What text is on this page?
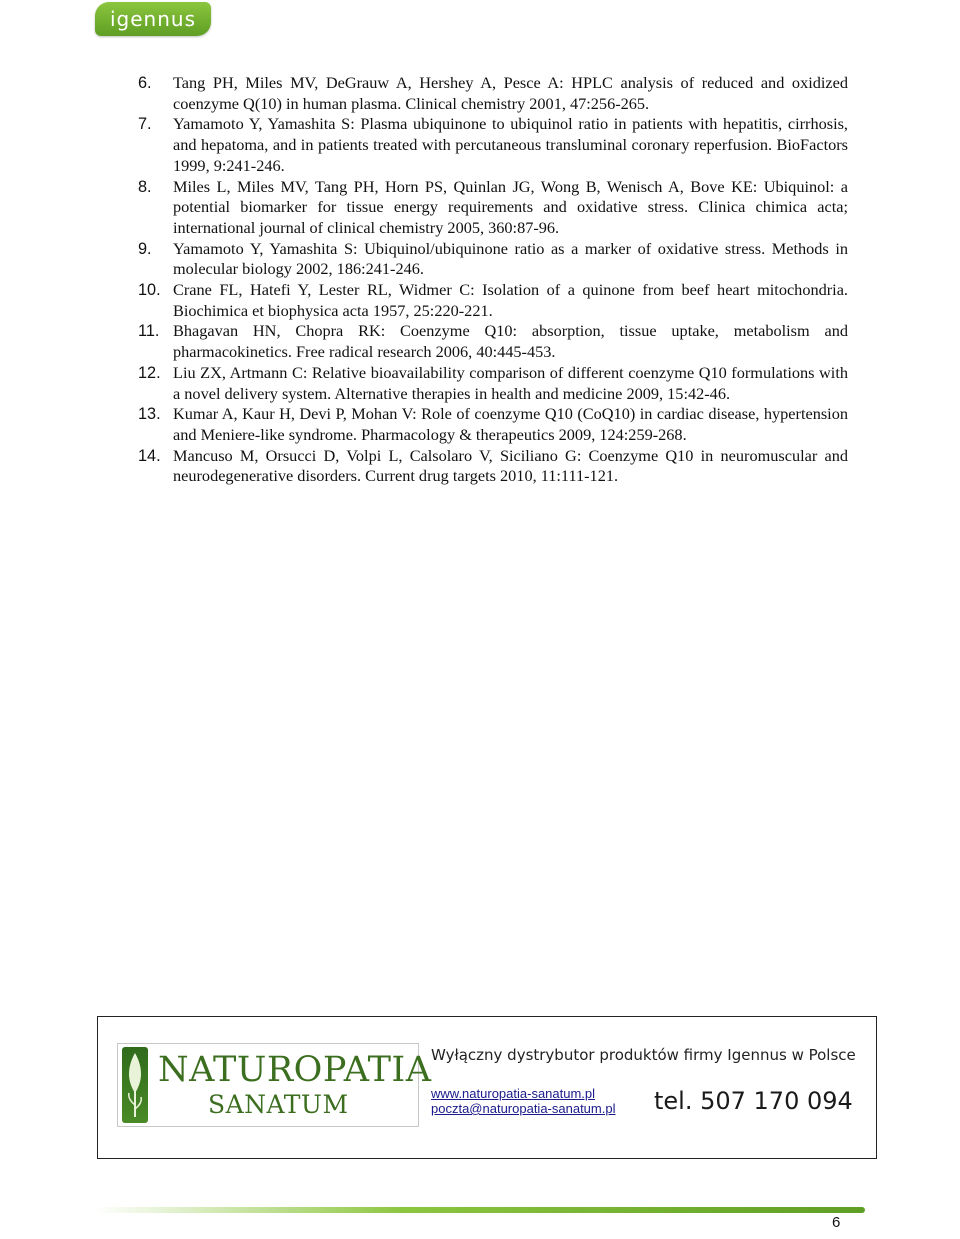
igennus
6.	Tang PH, Miles MV, DeGrauw A, Hershey A, Pesce A: HPLC analysis of reduced and oxidized coenzyme Q(10) in human plasma. Clinical chemistry 2001, 47:256-265.
7.	Yamamoto Y, Yamashita S: Plasma ubiquinone to ubiquinol ratio in patients with hepatitis, cirrhosis, and hepatoma, and in patients treated with percutaneous transluminal coronary reperfusion. BioFactors 1999, 9:241-246.
8.	Miles L, Miles MV, Tang PH, Horn PS, Quinlan JG, Wong B, Wenisch A, Bove KE: Ubiquinol: a potential biomarker for tissue energy requirements and oxidative stress. Clinica chimica acta; international journal of clinical chemistry 2005, 360:87-96.
9.	Yamamoto Y, Yamashita S: Ubiquinol/ubiquinone ratio as a marker of oxidative stress. Methods in molecular biology 2002, 186:241-246.
10. Crane FL, Hatefi Y, Lester RL, Widmer C: Isolation of a quinone from beef heart mitochondria. Biochimica et biophysica acta 1957, 25:220-221.
11. Bhagavan HN, Chopra RK: Coenzyme Q10: absorption, tissue uptake, metabolism and pharmacokinetics. Free radical research 2006, 40:445-453.
12. Liu ZX, Artmann C: Relative bioavailability comparison of different coenzyme Q10 formulations with a novel delivery system. Alternative therapies in health and medicine 2009, 15:42-46.
13. Kumar A, Kaur H, Devi P, Mohan V: Role of coenzyme Q10 (CoQ10) in cardiac disease, hypertension and Meniere-like syndrome. Pharmacology & therapeutics 2009, 124:259-268.
14. Mancuso M, Orsucci D, Volpi L, Calsolaro V, Siciliano G: Coenzyme Q10 in neuromuscular and neurodegenerative disorders. Current drug targets 2010, 11:111-121.
NATUROPATIA
SANATUM
Wyłączny dystrybutor produktów firmy Igennus w Polsce
www.naturopatia-sanatum.pl
poczta@naturopatia-sanatum.pl tel. 507 170 094
6
